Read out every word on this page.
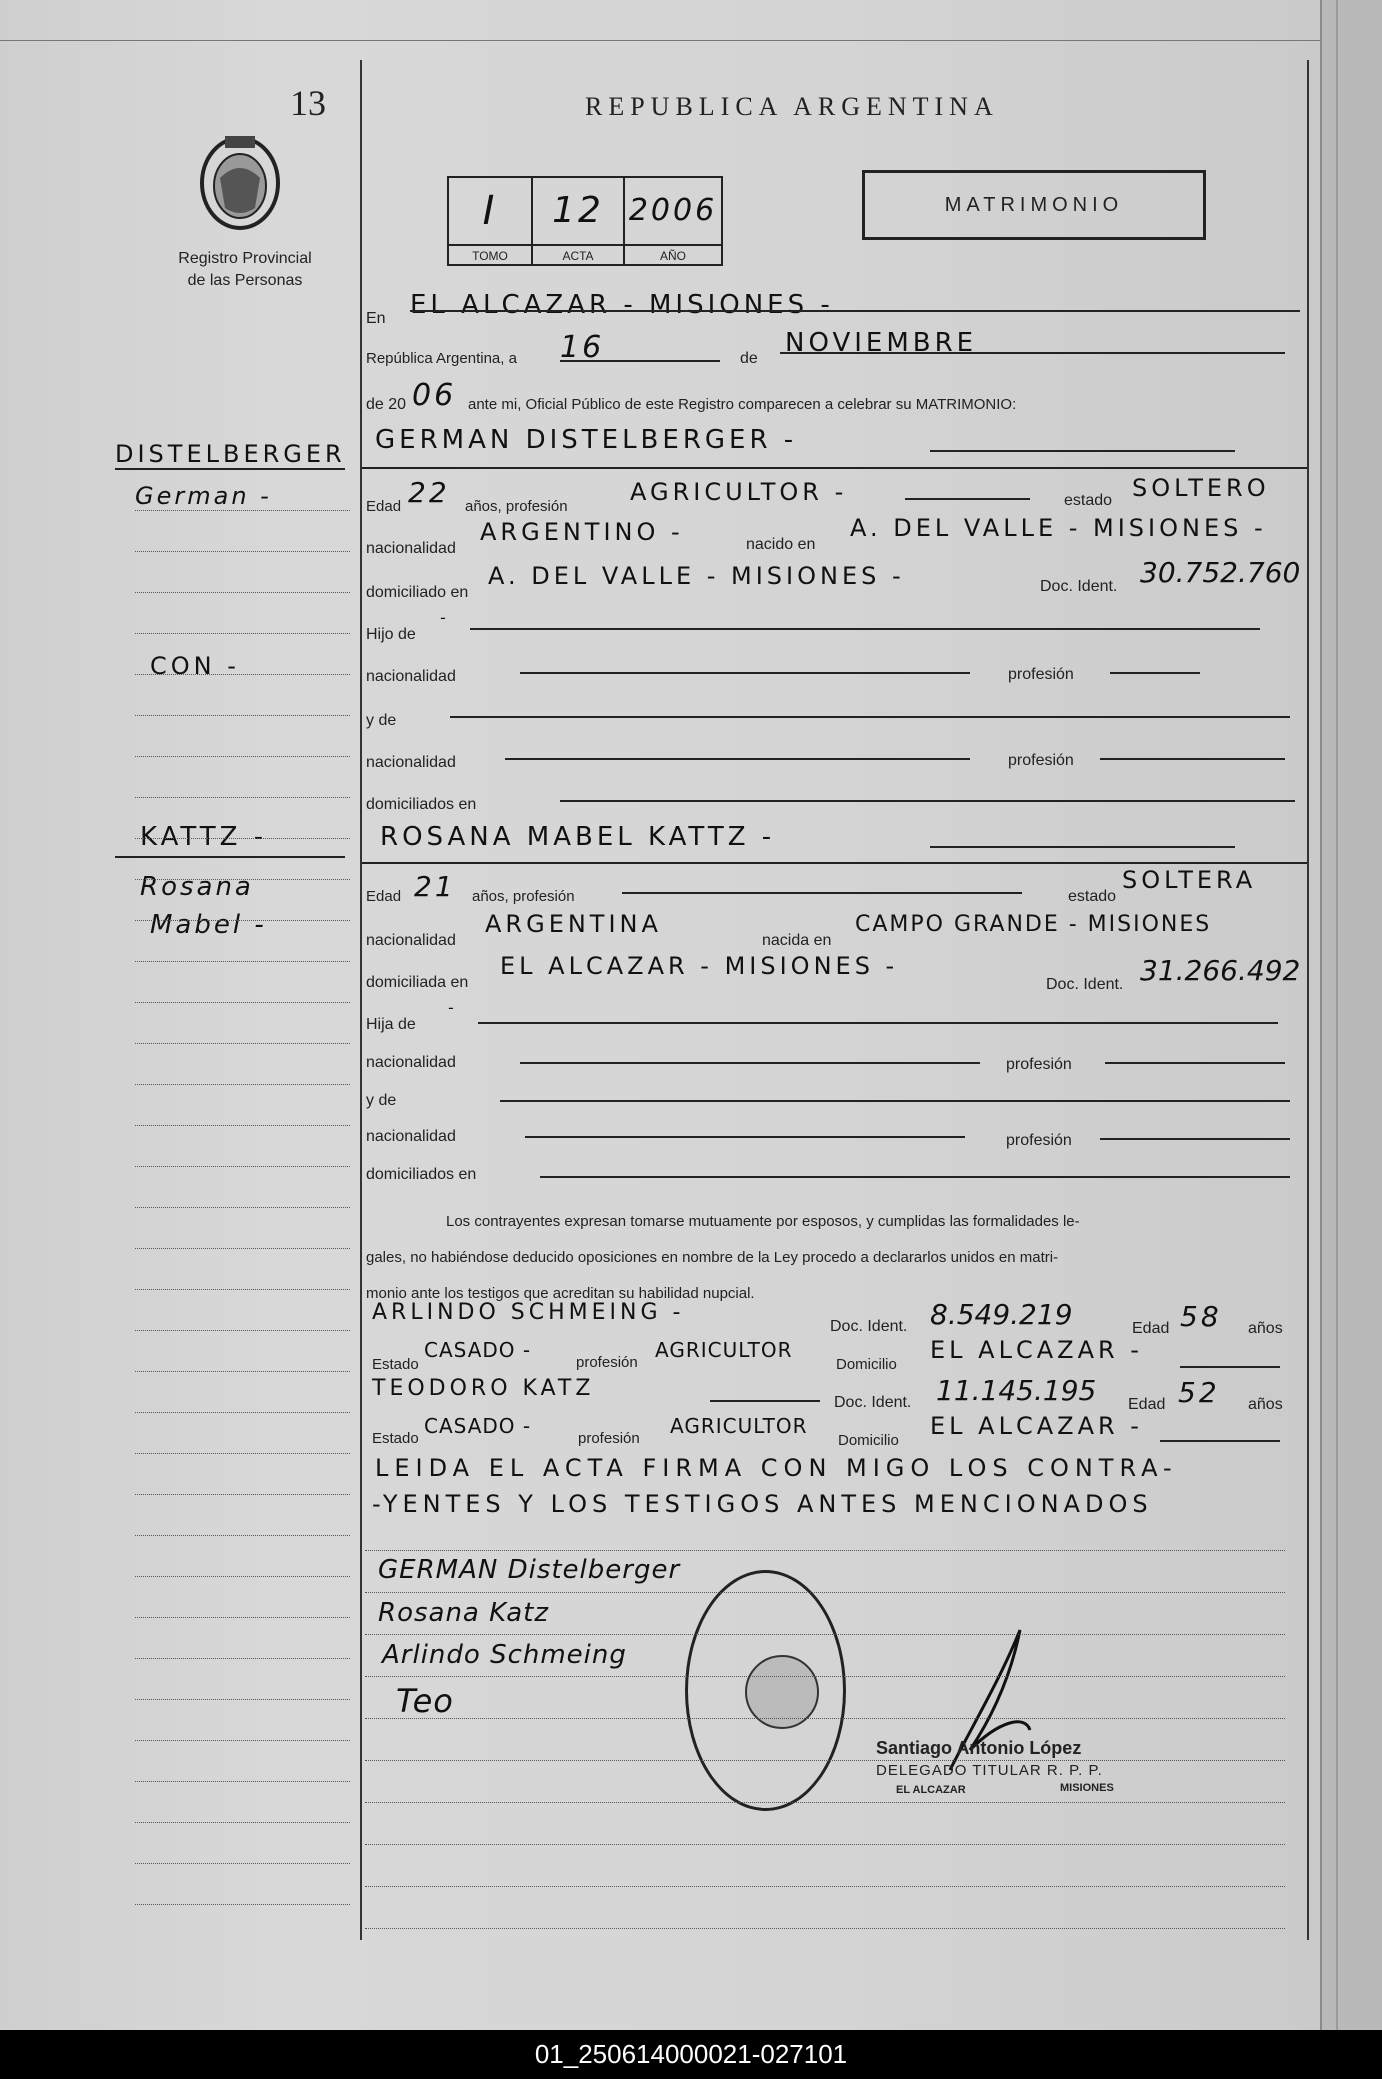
13	REPUBLICA ARGENTINA
Registro Provincial
de las Personas
I	12 2006
TOMO	ACTA	AÑO
MATRIMONIO
En EL ALCAZAR - MISIONES -
República Argentina, a 16	de
NOVIEMBRE
de 20 06 ante mi, Oficial Público de este Registro comparecen a celebrar su MATRIMONIO:
DISTELBERGER
German -
GERMAN DISTELBERGER -
Edad 22 años, profesión
AGRICULTOR -	estado SOLTERO
nacionalidad
ARGENTINO -	nacido en
A. DEL VALLE - MISIONES -
domiciliado en
A. DEL VALLE - MISIONES -	Doc. Ident. 30.752.760
Hijo de
-
nacionalidad	profesión
y de
nacionalidad	profesión
domiciliados en
CON -
KATTZ -
Rosana
Mabel -
ROSANA MABEL KATTZ -
Edad 21 años, profesión	estado
SOLTERA
nacionalidad
ARGENTINA
nacida en
CAMPO GRANDE - MISIONES
domiciliada en
EL ALCAZAR - MISIONES -
Doc. Ident. 31.266.492
Hija de
-
nacionalidad	profesión
y de
nacionalidad	profesión
domiciliados en
Los contrayentes expresan tomarse mutuamente por esposos, y cumplidas las formalidades le-
gales, no habiéndose deducido oposiciones en nombre de la Ley procedo a declararlos unidos en matri-
monio ante los testigos que acreditan su habilidad nupcial.
ARLINDO SCHMEING -
Doc. Ident. 8.549.219	Edad 58 años
Estado
CASADO -
profesión
AGRICULTOR
Domicilio
EL ALCAZAR -
TEODORO KATZ
Doc. Ident. 11.145.195 Edad 52 años
Estado
CASADO -
profesión
AGRICULTOR
Domicilio
EL ALCAZAR -
LEIDA EL ACTA FIRMA CON MIGO LOS CONTRA-
-YENTES Y LOS TESTIGOS ANTES MENCIONADOS
GERMAN Distelberger
Rosana Katz
Arlindo Schmeing
Teo
Santiago Antonio López
DELEGADO TITULAR R. P. P.
EL ALCAZAR	MISIONES
01_250614000021-027101
